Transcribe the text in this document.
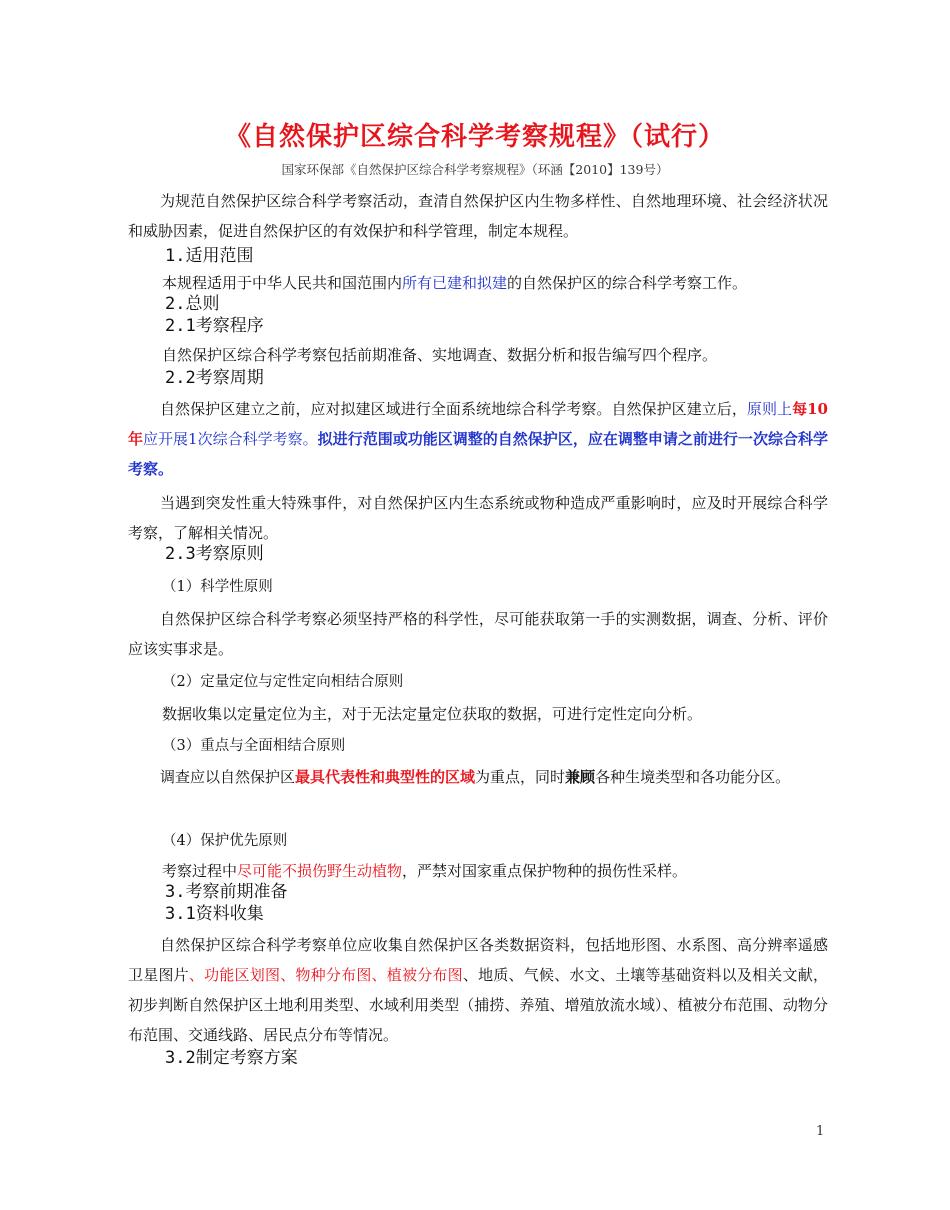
《自然保护区综合科学考察规程》（试行）
国家环保部《自然保护区综合科学考察规程》（环涵【2010】139号）

为规范自然保护区综合科学考察活动，查清自然保护区内生物多样性、自然地理环境、社会经济状况和威胁因素，促进自然保护区的有效保护和科学管理，制定本规程。

1.适用范围

本规程适用于中华人民共和国范围内所有已建和拟建的自然保护区的综合科学考察工作。

2.总则
2.1考察程序

自然保护区综合科学考察包括前期准备、实地调查、数据分析和报告编写四个程序。

2.2考察周期

自然保护区建立之前，应对拟建区域进行全面系统地综合科学考察。自然保护区建立后，原则上每10年应开展1次综合科学考察。拟进行范围或功能区调整的自然保护区，应在调整申请之前进行一次综合科学考察。

当遇到突发性重大特殊事件，对自然保护区内生态系统或物种造成严重影响时，应及时开展综合科学考察，了解相关情况。

2.3考察原则
（1）科学性原则

自然保护区综合科学考察必须坚持严格的科学性，尽可能获取第一手的实测数据，调查、分析、评价应该实事求是。

（2）定量定位与定性定向相结合原则

数据收集以定量定位为主，对于无法定量定位获取的数据，可进行定性定向分析。

（3）重点与全面相结合原则

调查应以自然保护区最具代表性和典型性的区域为重点，同时兼顾各种生境类型和各功能分区。

（4）保护优先原则

考察过程中尽可能不损伤野生动植物，严禁对国家重点保护物种的损伤性采样。

3.考察前期准备
3.1资料收集

自然保护区综合科学考察单位应收集自然保护区各类数据资料，包括地形图、水系图、高分辨率遥感卫星图片、功能区划图、物种分布图、植被分布图、地质、气候、水文、土壤等基础资料以及相关文献，初步判断自然保护区土地利用类型、水域利用类型（捕捞、养殖、增殖放流水域）、植被分布范围、动物分布范围、交通线路、居民点分布等情况。

3.2制定考察方案
1
